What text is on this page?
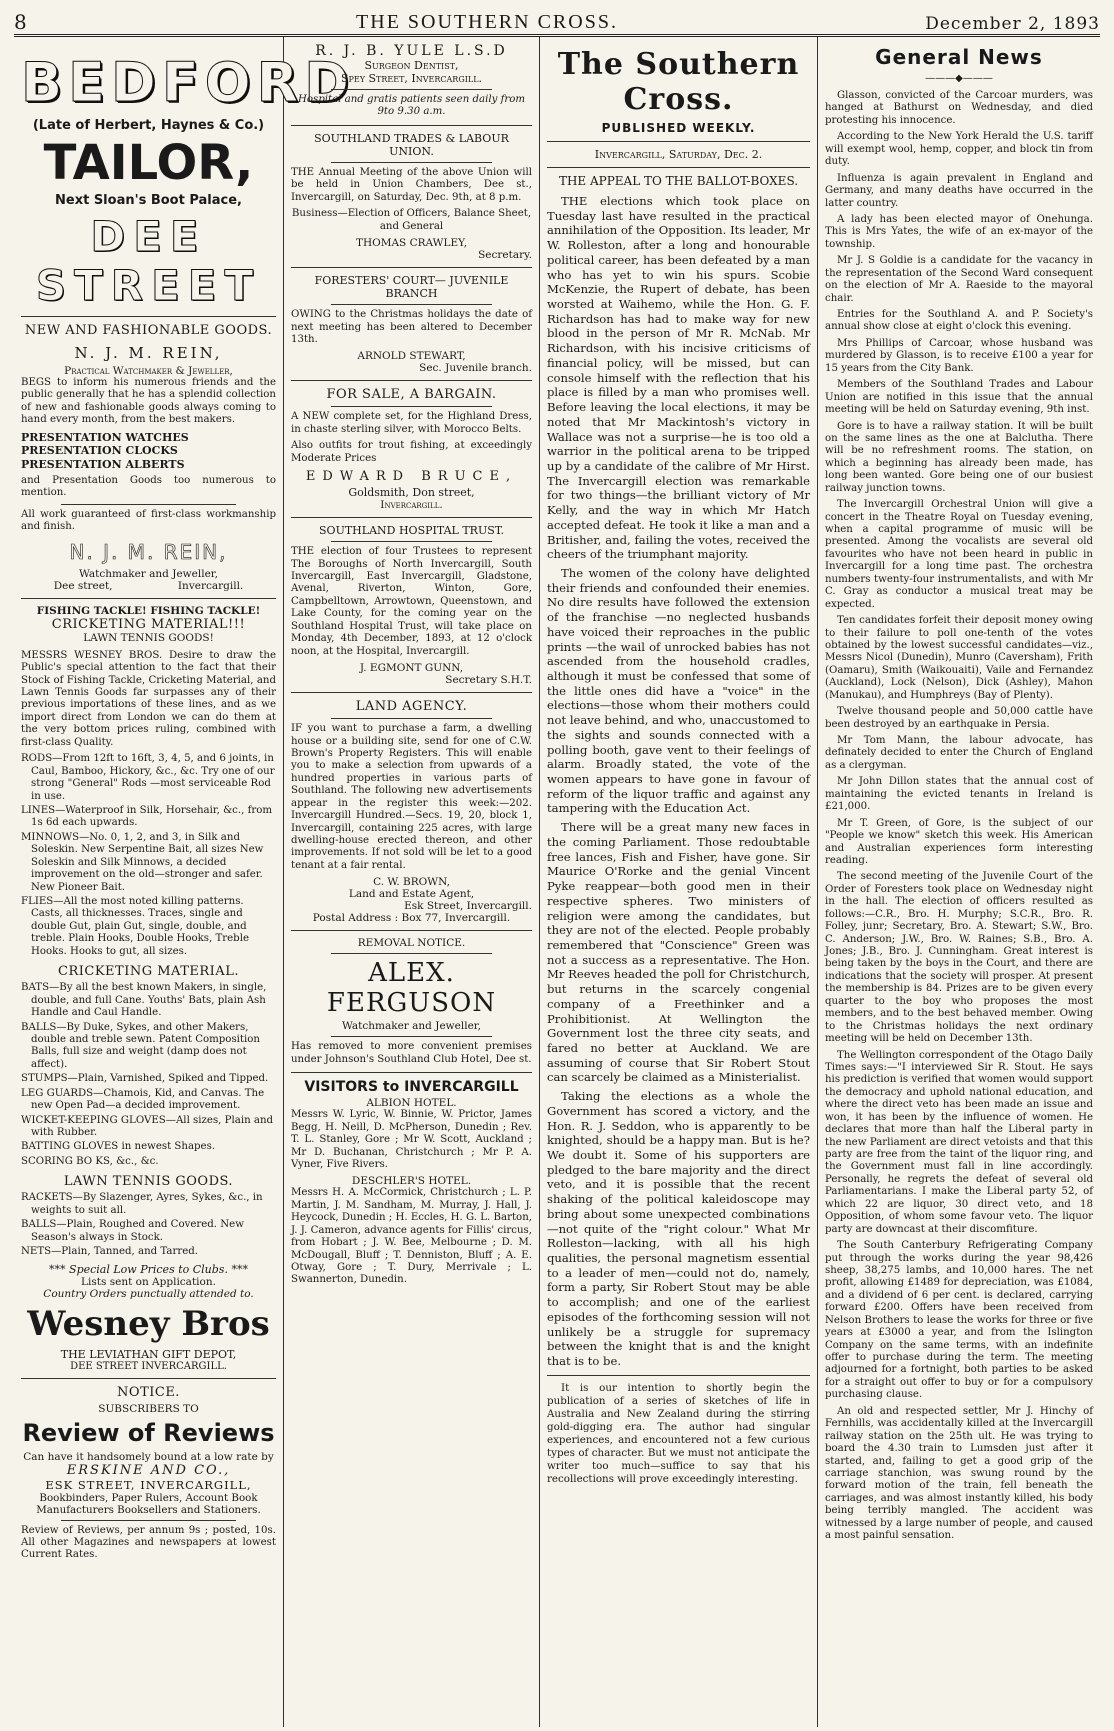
8	THE SOUTHERN CROSS.	December 2, 1893
BEDFORD
(Late of Herbert, Haynes & Co.)
TAILOR,
Next Sloan's Boot Palace,
DEE STREET
NEW AND FASHIONABLE GOODS.
N. J. M. REIN,
Practical Watchmaker & Jeweller,

BEGS to inform his numerous friends and the public generally that he has a splendid collection of new and fashionable goods always coming to hand every month, from the best makers.

PRESENTATION WATCHES
PRESENTATION CLOCKS
PRESENTATION ALBERTS

and Presentation Goods too numerous to mention.

All work guaranteed of first-class workmanship and finish.

N. J. M. REIN,
Watchmaker and Jeweller,
Dee street,	Invercargill.
FISHING TACKLE! FISHING TACKLE!
CRICKETING MATERIAL!!!
LAWN TENNIS GOODS!

MESSRS WESNEY BROS. Desire to draw the Public's special attention to the fact that their Stock of Fishing Tackle, Cricketing Material, and Lawn Tennis Goods far surpasses any of their previous importations of these lines, and as we import direct from London we can do them at the very bottom prices ruling, combined with first-class Quality.

RODS—From 12ft to 16ft, 3, 4, 5, and 6 joints, in Caul, Bamboo, Hickory, &c., &c. Try one of our strong "General" Rods —most serviceable Rod in use.
LINES—Waterproof in Silk, Horsehair, &c., from 1s 6d each upwards.
MINNOWS—No. 0, 1, 2, and 3, in Silk and Soleskin. New Serpentine Bait, all sizes New Soleskin and Silk Minnows, a decided improvement on the old—stronger and safer. New Pioneer Bait.
FLIES—All the most noted killing patterns. Casts, all thicknesses. Traces, single and double Gut, plain Gut, single, double, and treble. Plain Hooks, Double Hooks, Treble Hooks. Hooks to gut, all sizes.
CRICKETING MATERIAL.
BATS—By all the best known Makers, in single, double, and full Cane. Youths' Bats, plain Ash Handle and Caul Handle.
BALLS—By Duke, Sykes, and other Makers, double and treble sewn. Patent Composition Balls, full size and weight (damp does not affect).
STUMPS—Plain, Varnished, Spiked and Tipped.
LEG GUARDS—Chamois, Kid, and Canvas. The new Open Pad—a decided improvement.
WICKET-KEEPING GLOVES—All sizes, Plain and with Rubber.
BATTING GLOVES in newest Shapes.
SCORING BO KS, &c., &c.
LAWN TENNIS GOODS.
RACKETS—By Slazenger, Ayres, Sykes, &c., in weights to suit all.
BALLS—Plain, Roughed and Covered. New Season's always in Stock.
NETS—Plain, Tanned, and Tarred.
*** Special Low Prices to Clubs. ***
Lists sent on Application.
Country Orders punctually attended to.
Wesney Bros
THE LEVIATHAN GIFT DEPOT,
DEE STREET INVERCARGILL.
NOTICE.
SUBSCRIBERS TO
Review of Reviews
Can have it handsomely bound at a low rate by
ERSKINE AND CO.,
ESK STREET, INVERCARGILL,
Bookbinders, Paper Rulers, Account Book Manufacturers Booksellers and Stationers.

Review of Reviews, per annum 9s ; posted, 10s. All other Magazines and newspapers at lowest Current Rates.

R. J. B. YULE L.S.D
Surgeon Dentist,
Spey Street, Invercargill.

Hospital and gratis patients seen daily from 9to 9.30 a.m.

SOUTHLAND TRADES & LABOUR UNION.

THE Annual Meeting of the above Union will be held in Union Chambers, Dee st., Invercargill, on Saturday, Dec. 9th, at 8 p.m.

Business—Election of Officers, Balance Sheet, and General

THOMAS CRAWLEY,
Secretary.
FORESTERS' COURT— JUVENILE BRANCH

OWING to the Christmas holidays the date of next meeting has been altered to December 13th.

ARNOLD STEWART,
Sec. Juvenile branch.
FOR SALE, A BARGAIN.

A NEW complete set, for the Highland Dress, in chaste sterling silver, with Morocco Belts.

Also outfits for trout fishing, at exceedingly Moderate Prices

EDWARD BRUCE,
Goldsmith, Don street,
Invercargill.
SOUTHLAND HOSPITAL TRUST.

THE election of four Trustees to represent The Boroughs of North Invercargill, South Invercargill, East Invercargill, Gladstone, Avenal, Riverton, Winton, Gore, Campbelltown, Arrowtown, Queenstown, and Lake County, for the coming year on the Southland Hospital Trust, will take place on Monday, 4th December, 1893, at 12 o'clock noon, at the Hospital, Invercargill.

J. EGMONT GUNN,
Secretary S.H.T.
LAND AGENCY.

IF you want to purchase a farm, a dwelling house or a building site, send for one of C.W. Brown's Property Registers. This will enable you to make a selection from upwards of a hundred properties in various parts of Southland. The following new advertisements appear in the register this week:—202. Invercargill Hundred.—Secs. 19, 20, block 1, Invercargill, containing 225 acres, with large dwelling-house erected thereon, and other improvements. If not sold will be let to a good tenant at a fair rental.

C. W. BROWN,
Land and Estate Agent,
Esk Street, Invercargill.
Postal Address : Box 77, Invercargill.
REMOVAL NOTICE.
ALEX. FERGUSON
Watchmaker and Jeweller,

Has removed to more convenient premises under Johnson's Southland Club Hotel, Dee st.

VISITORS to INVERCARGILL
ALBION HOTEL.

Messrs W. Lyric, W. Binnie, W. Prictor, James Begg, H. Neill, D. McPherson, Dunedin ; Rev. T. L. Stanley, Gore ; Mr W. Scott, Auckland ; Mr D. Buchanan, Christchurch ; Mr P. A. Vyner, Five Rivers.

DESCHLER'S HOTEL.

Messrs H. A. McCormick, Christchurch ; L. P. Martin, J. M. Sandham, M. Murray, J. Hall, J. Heycock, Dunedin ; H. Eccles, H. G. L. Barton, J. J. Cameron, advance agents for Fillis' circus, from Hobart ; J. W. Bee, Melbourne ; D. M. McDougall, Bluff ; T. Denniston, Bluff ; A. E. Otway, Gore ; T. Dury, Merrivale ; L. Swannerton, Dunedin.

The Southern Cross.
PUBLISHED WEEKLY.
Invercargill, Saturday, Dec. 2.
THE APPEAL TO THE BALLOT-BOXES.

THE elections which took place on Tuesday last have resulted in the practical annihilation of the Opposition. Its leader, Mr W. Rolleston, after a long and honourable political career, has been defeated by a man who has yet to win his spurs. Scobie McKenzie, the Rupert of debate, has been worsted at Waihemo, while the Hon. G. F. Richardson has had to make way for new blood in the person of Mr R. McNab. Mr Richardson, with his incisive criticisms of financial policy, will be missed, but can console himself with the reflection that his place is filled by a man who promises well. Before leaving the local elections, it may be noted that Mr Mackintosh's victory in Wallace was not a surprise—he is too old a warrior in the political arena to be tripped up by a candidate of the calibre of Mr Hirst. The Invercargill election was remarkable for two things—the brilliant victory of Mr Kelly, and the way in which Mr Hatch accepted defeat. He took it like a man and a Britisher, and, failing the votes, received the cheers of the triumphant majority.

The women of the colony have delighted their friends and confounded their enemies. No dire results have followed the extension of the franchise —no neglected husbands have voiced their reproaches in the public prints —the wail of unrocked babies has not ascended from the household cradles, although it must be confessed that some of the little ones did have a "voice" in the elections—those whom their mothers could not leave behind, and who, unaccustomed to the sights and sounds connected with a polling booth, gave vent to their feelings of alarm. Broadly stated, the vote of the women appears to have gone in favour of reform of the liquor traffic and against any tampering with the Education Act.

There will be a great many new faces in the coming Parliament. Those redoubtable free lances, Fish and Fisher, have gone. Sir Maurice O'Rorke and the genial Vincent Pyke reappear—both good men in their respective spheres. Two ministers of religion were among the candidates, but they are not of the elected. People probably remembered that "Conscience" Green was not a success as a representative. The Hon. Mr Reeves headed the poll for Christchurch, but returns in the scarcely congenial company of a Freethinker and a Prohibitionist. At Wellington the Government lost the three city seats, and fared no better at Auckland. We are assuming of course that Sir Robert Stout can scarcely be claimed as a Ministerialist.

Taking the elections as a whole the Government has scored a victory, and the Hon. R. J. Seddon, who is apparently to be knighted, should be a happy man. But is he? We doubt it. Some of his supporters are pledged to the bare majority and the direct veto, and it is possible that the recent shaking of the political kaleidoscope may bring about some unexpected combinations—not quite of the "right colour." What Mr Rolleston—lacking, with all his high qualities, the personal magnetism essential to a leader of men—could not do, namely, form a party, Sir Robert Stout may be able to accomplish; and one of the earliest episodes of the forthcoming session will not unlikely be a struggle for supremacy between the knight that is and the knight that is to be.

It is our intention to shortly begin the publication of a series of sketches of life in Australia and New Zealand during the stirring gold-digging era. The author had singular experiences, and encountered not a few curious types of character. But we must not anticipate the writer too much—suffice to say that his recollections will prove exceedingly interesting.

General News
———◆———

Glasson, convicted of the Carcoar murders, was hanged at Bathurst on Wednesday, and died protesting his innocence.

According to the New York Herald the U.S. tariff will exempt wool, hemp, copper, and block tin from duty.

Influenza is again prevalent in England and Germany, and many deaths have occurred in the latter country.

A lady has been elected mayor of Onehunga. This is Mrs Yates, the wife of an ex-mayor of the township.

Mr J. S Goldie is a candidate for the vacancy in the representation of the Second Ward consequent on the election of Mr A. Raeside to the mayoral chair.

Entries for the Southland A. and P. Society's annual show close at eight o'clock this evening.

Mrs Phillips of Carcoar, whose husband was murdered by Glasson, is to receive £100 a year for 15 years from the City Bank.

Members of the Southland Trades and Labour Union are notified in this issue that the annual meeting will be held on Saturday evening, 9th inst.

Gore is to have a railway station. It will be built on the same lines as the one at Balclutha. There will be no refreshment rooms. The station, on which a beginning has already been made, has long been wanted. Gore being one of our busiest railway junction towns.

The Invercargill Orchestral Union will give a concert in the Theatre Royal on Tuesday evening, when a capital programme of music will be presented. Among the vocalists are several old favourites who have not been heard in public in Invercargill for a long time past. The orchestra numbers twenty-four instrumentalists, and with Mr C. Gray as conductor a musical treat may be expected.

Ten candidates forfeit their deposit money owing to their failure to poll one-tenth of the votes obtained by the lowest successful candidates—viz., Messrs Nicol (Dunedin), Munro (Caversham), Frith (Oamaru), Smith (Waikouaiti), Vaile and Fernandez (Auckland), Lock (Nelson), Dick (Ashley), Mahon (Manukau), and Humphreys (Bay of Plenty).

Twelve thousand people and 50,000 cattle have been destroyed by an earthquake in Persia.

Mr Tom Mann, the labour advocate, has definately decided to enter the Church of England as a clergyman.

Mr John Dillon states that the annual cost of maintaining the evicted tenants in Ireland is £21,000.

Mr T. Green, of Gore, is the subject of our "People we know" sketch this week. His American and Australian experiences form interesting reading.

The second meeting of the Juvenile Court of the Order of Foresters took place on Wednesday night in the hall. The election of officers resulted as follows:—C.R., Bro. H. Murphy; S.C.R., Bro. R. Folley, junr; Secretary, Bro. A. Stewart; S.W., Bro. C. Anderson; J.W., Bro. W. Raines; S.B., Bro. A. Jones; J.B., Bro. J. Cunningham. Great interest is being taken by the boys in the Court, and there are indications that the society will prosper. At present the membership is 84. Prizes are to be given every quarter to the boy who proposes the most members, and to the best behaved member. Owing to the Christmas holidays the next ordinary meeting will be held on December 13th.

The Wellington correspondent of the Otago Daily Times says:—"I interviewed Sir R. Stout. He says his prediction is verified that women would support the democracy and uphold national education, and where the direct veto has been made an issue and won, it has been by the influence of women. He declares that more than half the Liberal party in the new Parliament are direct vetoists and that this party are free from the taint of the liquor ring, and the Government must fall in line accordingly. Personally, he regrets the defeat of several old Parliamentarians. I make the Liberal party 52, of which 22 are liquor, 30 direct veto, and 18 Opposition, of whom some favour veto. The liquor party are downcast at their discomfiture.

The South Canterbury Refrigerating Company put through the works during the year 98,426 sheep, 38,275 lambs, and 10,000 hares. The net profit, allowing £1489 for depreciation, was £1084, and a dividend of 6 per cent. is declared, carrying forward £200. Offers have been received from Nelson Brothers to lease the works for three or five years at £3000 a year, and from the Islington Company on the same terms, with an indefinite offer to purchase during the term. The meeting adjourned for a fortnight, both parties to be asked for a straight out offer to buy or for a compulsory purchasing clause.

An old and respected settler, Mr J. Hinchy of Fernhills, was accidentally killed at the Invercargill railway station on the 25th ult. He was trying to board the 4.30 train to Lumsden just after it started, and, failing to get a good grip of the carriage stanchion, was swung round by the forward motion of the train, fell beneath the carriages, and was almost instantly killed, his body being terribly mangled. The accident was witnessed by a large number of people, and caused a most painful sensation.
